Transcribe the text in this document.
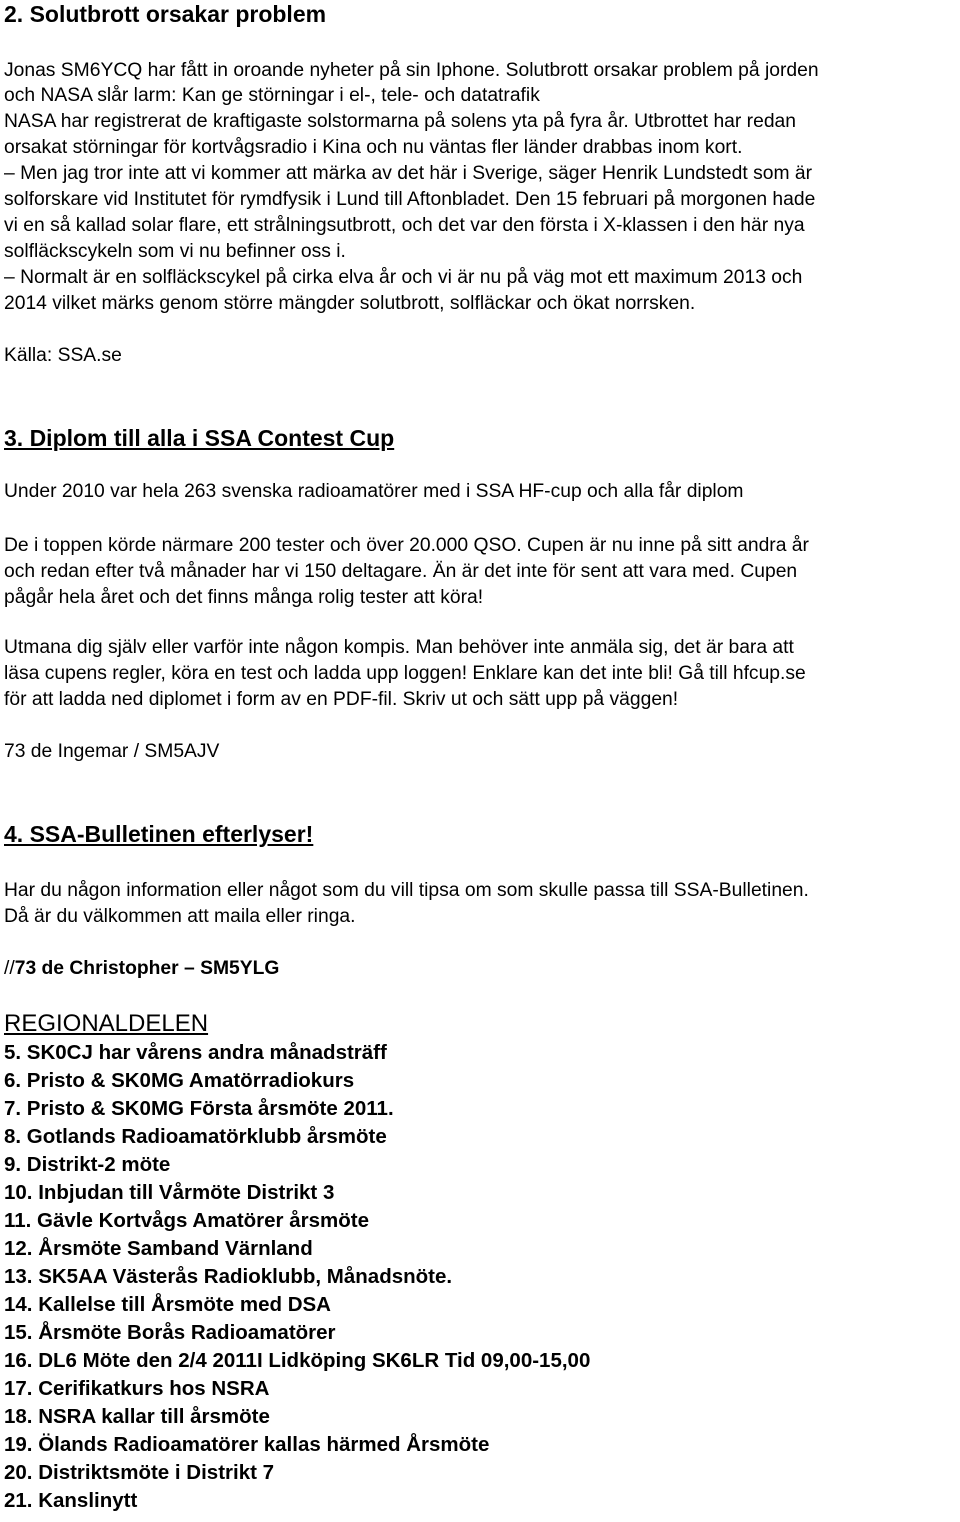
2. Solutbrott orsakar problem
Jonas SM6YCQ har fått in oroande nyheter på sin Iphone. Solutbrott orsakar problem på jorden
och NASA slår larm: Kan ge störningar i el-, tele- och datatrafik
NASA har registrerat de kraftigaste solstormarna på solens yta på fyra år. Utbrottet har redan
orsakat störningar för kortvågsradio i Kina och nu väntas fler länder drabbas inom kort.
– Men jag tror inte att vi kommer att märka av det här i Sverige, säger Henrik Lundstedt som är
solforskare vid Institutet för rymdfysik i Lund till Aftonbladet. Den 15 februari på morgonen hade
vi en så kallad solar flare, ett strålningsutbrott, och det var den första i X-klassen i den här nya
solfläckscykeln som vi nu befinner oss i.
– Normalt är en solfläckscykel på cirka elva år och vi är nu på väg mot ett maximum 2013 och
2014 vilket märks genom större mängder solutbrott, solfläckar och ökat norrsken.
Källa: SSA.se
3. Diplom till alla i SSA Contest Cup
Under 2010 var hela 263 svenska radioamatörer med i SSA HF-cup och alla får diplom
De i toppen körde närmare 200 tester och över 20.000 QSO. Cupen är nu inne på sitt andra år
och redan efter två månader har vi 150 deltagare. Än är det inte för sent att vara med. Cupen
pågår hela året och det finns många rolig tester att köra!
Utmana dig själv eller varför inte någon kompis. Man behöver inte anmäla sig, det är bara att
läsa cupens regler, köra en test och ladda upp loggen! Enklare kan det inte bli! Gå till hfcup.se
för att ladda ned diplomet i form av en PDF-fil. Skriv ut och sätt upp på väggen!
73 de Ingemar / SM5AJV
4. SSA-Bulletinen efterlyser!
Har du någon information eller något som du vill tipsa om som skulle passa till SSA-Bulletinen.
Då är du välkommen att maila eller ringa.
//73 de Christopher – SM5YLG
REGIONALDELEN
5. SK0CJ har vårens andra månadsträff
6. Pristo & SK0MG Amatörradiokurs
7. Pristo & SK0MG Första årsmöte 2011.
8. Gotlands Radioamatörklubb årsmöte
9. Distrikt-2 möte
10. Inbjudan till Vårmöte Distrikt 3
11. Gävle Kortvågs Amatörer årsmöte
12. Årsmöte Samband Värnland
13. SK5AA Västerås Radioklubb, Månadsnöte.
14. Kallelse till Årsmöte med DSA
15. Årsmöte Borås Radioamatörer
16. DL6 Möte den 2/4 2011I Lidköping SK6LR Tid 09,00-15,00
17. Cerifikatkurs hos NSRA
18. NSRA kallar till årsmöte
19. Ölands Radioamatörer kallas härmed Årsmöte
20. Distriktsmöte i Distrikt 7
21. Kanslinytt
